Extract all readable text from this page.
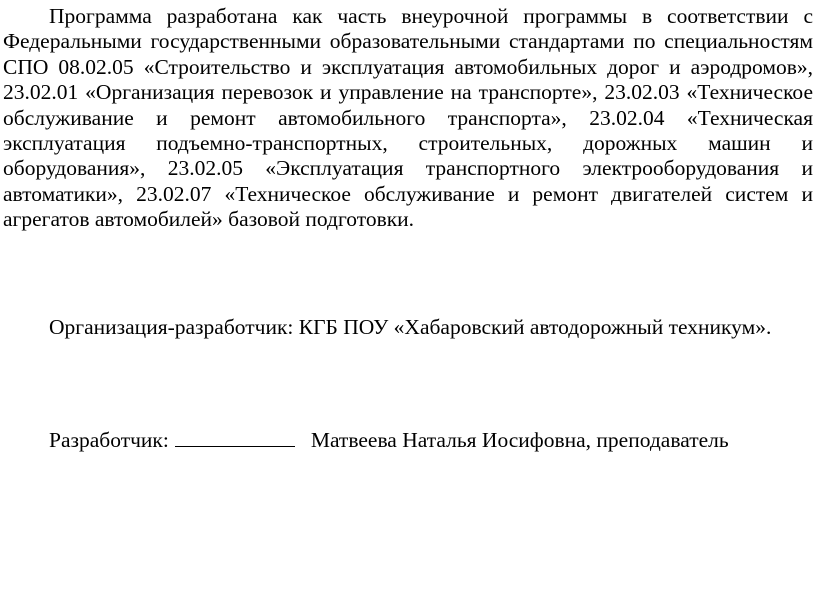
Программа разработана как часть внеурочной программы в соответствии с Федеральными государственными образовательными стандартами по специальностям СПО 08.02.05 «Строительство и эксплуатация автомобильных дорог и аэродромов», 23.02.01 «Организация перевозок и управление на транспорте», 23.02.03 «Техническое обслуживание и ремонт автомобильного транспорта», 23.02.04 «Техническая эксплуатация подъемно-транспортных, строительных, дорожных машин и оборудования», 23.02.05 «Эксплуатация транспортного электрооборудования и автоматики», 23.02.07 «Техническое обслуживание и ремонт двигателей систем и агрегатов автомобилей» базовой подготовки.

Организация-разработчик: КГБ ПОУ «Хабаровский автодорожный техникум».

Разработчик:	Матвеева Наталья Иосифовна, преподаватель
